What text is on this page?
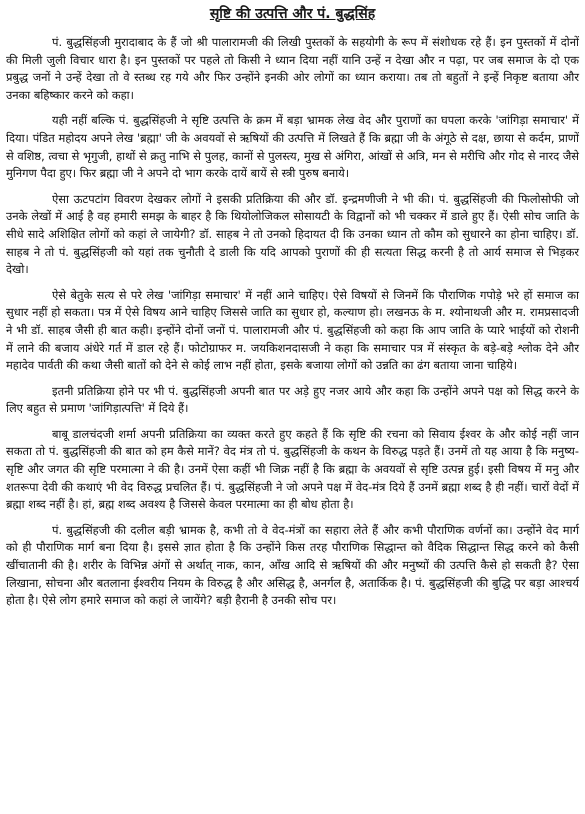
सृष्टि की उत्पत्ति और पं. बुद्धसिंह

पं. बुद्धसिंहजी मुरादाबाद के हैं जो श्री पालारामजी की लिखी पुस्तकों के सहयोगी के रूप में संशोधक रहे हैं। इन पुस्तकों में दोनों की मिली जुली विचार धारा है। इन पुस्तकों पर पहले तो किसी ने ध्यान दिया नहीं यानि उन्हें न देखा और न पढ़ा, पर जब समाज के दो एक प्रबुद्ध जनों ने उन्हें देखा तो वे स्तब्ध रह गये और फिर उन्होंने इनकी ओर लोगों का ध्यान कराया। तब तो बहुतों ने इन्हें निकृष्ट बताया और उनका बहिष्कार करने को कहा।

यही नहीं बल्कि पं. बुद्धसिंहजी ने सृष्टि उत्पत्ति के क्रम में बड़ा भ्रामक लेख वेद और पुराणों का घपला करके 'जांगिड़ा समाचार' में दिया। पंडित महोदय अपने लेख 'ब्रह्मा' जी के अवयवों से ऋषियों की उत्पत्ति में लिखते हैं कि ब्रह्मा जी के अंगूठे से दक्ष, छाया से कर्दम, प्राणों से वशिष्ठ, त्वचा से भृगुजी, हाथों से क्रतु नाभि से पुलह, कानों से पुलस्त्य, मुख से अंगिरा, आंखों से अत्रि, मन से मरीचि और गोद से नारद जैसे मुनिगण पैदा हुए। फिर ब्रह्मा जी ने अपने दो भाग करके दायें बायें से स्त्री पुरुष बनाये।

ऐसा ऊटपटांग विवरण देखकर लोगों ने इसकी प्रतिक्रिया की और डॉ. इन्द्रमणीजी ने भी की। पं. बुद्धसिंहजी की फिलोसोफी जो उनके लेखों में आई है वह हमारी समझ के बाहर है कि थियोलोजिकल सोसायटी के विद्वानों को भी चक्कर में डाले हुए हैं। ऐसी सोच जाति के सीधे सादे अशिक्षित लोगों को कहां ले जायेगी? डॉ. साहब ने तो उनको हिदायत दी कि उनका ध्यान तो कौम को सुधारने का होना चाहिए। डॉ. साहब ने तो पं. बुद्धसिंहजी को यहां तक चुनौती दे डाली कि यदि आपको पुराणों की ही सत्यता सिद्ध करनी है तो आर्य समाज से भिड़कर देखो।

ऐसे बेतुके सत्य से परे लेख 'जांगिड़ा समाचार' में नहीं आने चाहिए। ऐसे विषयों से जिनमें कि पौराणिक गपोड़े भरे हों समाज का सुधार नहीं हो सकता। पत्र में ऐसे विषय आने चाहिए जिससे जाति का सुधार हो, कल्याण हो। लखनऊ के म. श्योनाथजी और म. रामप्रसादजी ने भी डॉ. साहब जैसी ही बात कही। इन्होंने दोनों जनों पं. पालारामजी और पं. बुद्धसिंहजी को कहा कि आप जाति के प्यारे भाईयों को रोशनी में लाने की बजाय अंधेरे गर्त में डाल रहे हैं। फोटोग्राफर म. जयकिशनदासजी ने कहा कि समाचार पत्र में संस्कृत के बड़े-बड़े श्लोक देने और महादेव पार्वती की कथा जैसी बातों को देने से कोई लाभ नहीं होता, इसके बजाया लोगों को उन्नति का ढंग बताया जाना चाहिये।

इतनी प्रतिक्रिया होने पर भी पं. बुद्धसिंहजी अपनी बात पर अड़े हुए नजर आये और कहा कि उन्होंने अपने पक्ष को सिद्ध करने के लिए बहुत से प्रमाण 'जांगिड़ात्पत्ति' में दिये हैं।

बाबू डालचंदजी शर्मा अपनी प्रतिक्रिया का व्यक्त करते हुए कहते हैं कि सृष्टि की रचना को सिवाय ईश्वर के और कोई नहीं जान सकता तो पं. बुद्धसिंहजी की बात को हम कैसे मानें? वेद मंत्र तो पं. बुद्धसिंहजी के कथन के विरुद्ध पड़ते हैं। उनमें तो यह आया है कि मनुष्य-सृष्टि और जगत की सृष्टि परमात्मा ने की है। उनमें ऐसा कहीं भी जिक्र नहीं है कि ब्रह्मा के अवयवों से सृष्टि उत्पन्न हुई। इसी विषय में मनु और शतरूपा देवी की कथाएं भी वेद विरुद्ध प्रचलित हैं। पं. बुद्धसिंहजी ने जो अपने पक्ष में वेद-मंत्र दिये हैं उनमें ब्रह्मा शब्द है ही नहीं। चारों वेदों में ब्रह्मा शब्द नहीं है। हां, ब्रह्म शब्द अवश्य है जिससे केवल परमात्मा का ही बोध होता है।

पं. बुद्धसिंहजी की दलील बड़ी भ्रामक है, कभी तो वे वेद-मंत्रों का सहारा लेते हैं और कभी पौराणिक वर्णनों का। उन्होंने वेद मार्ग को ही पौराणिक मार्ग बना दिया है। इससे ज्ञात होता है कि उन्होंने किस तरह पौराणिक सिद्धान्त को वैदिक सिद्धान्त सिद्ध करने को कैसी खींचातानी की है। शरीर के विभिन्न अंगों से अर्थात् नाक, कान, आँख आदि से ऋषियों की और मनुष्यों की उत्पत्ति कैसे हो सकती है? ऐसा लिखाना, सोचना और बतलाना ईश्वरीय नियम के विरुद्ध है और असिद्ध है, अनर्गल है, अतार्किक है। पं. बुद्धसिंहजी की बुद्धि पर बड़ा आश्चर्य होता है। ऐसे लोग हमारे समाज को कहां ले जायेंगे? बड़ी हैरानी है उनकी सोच पर।
